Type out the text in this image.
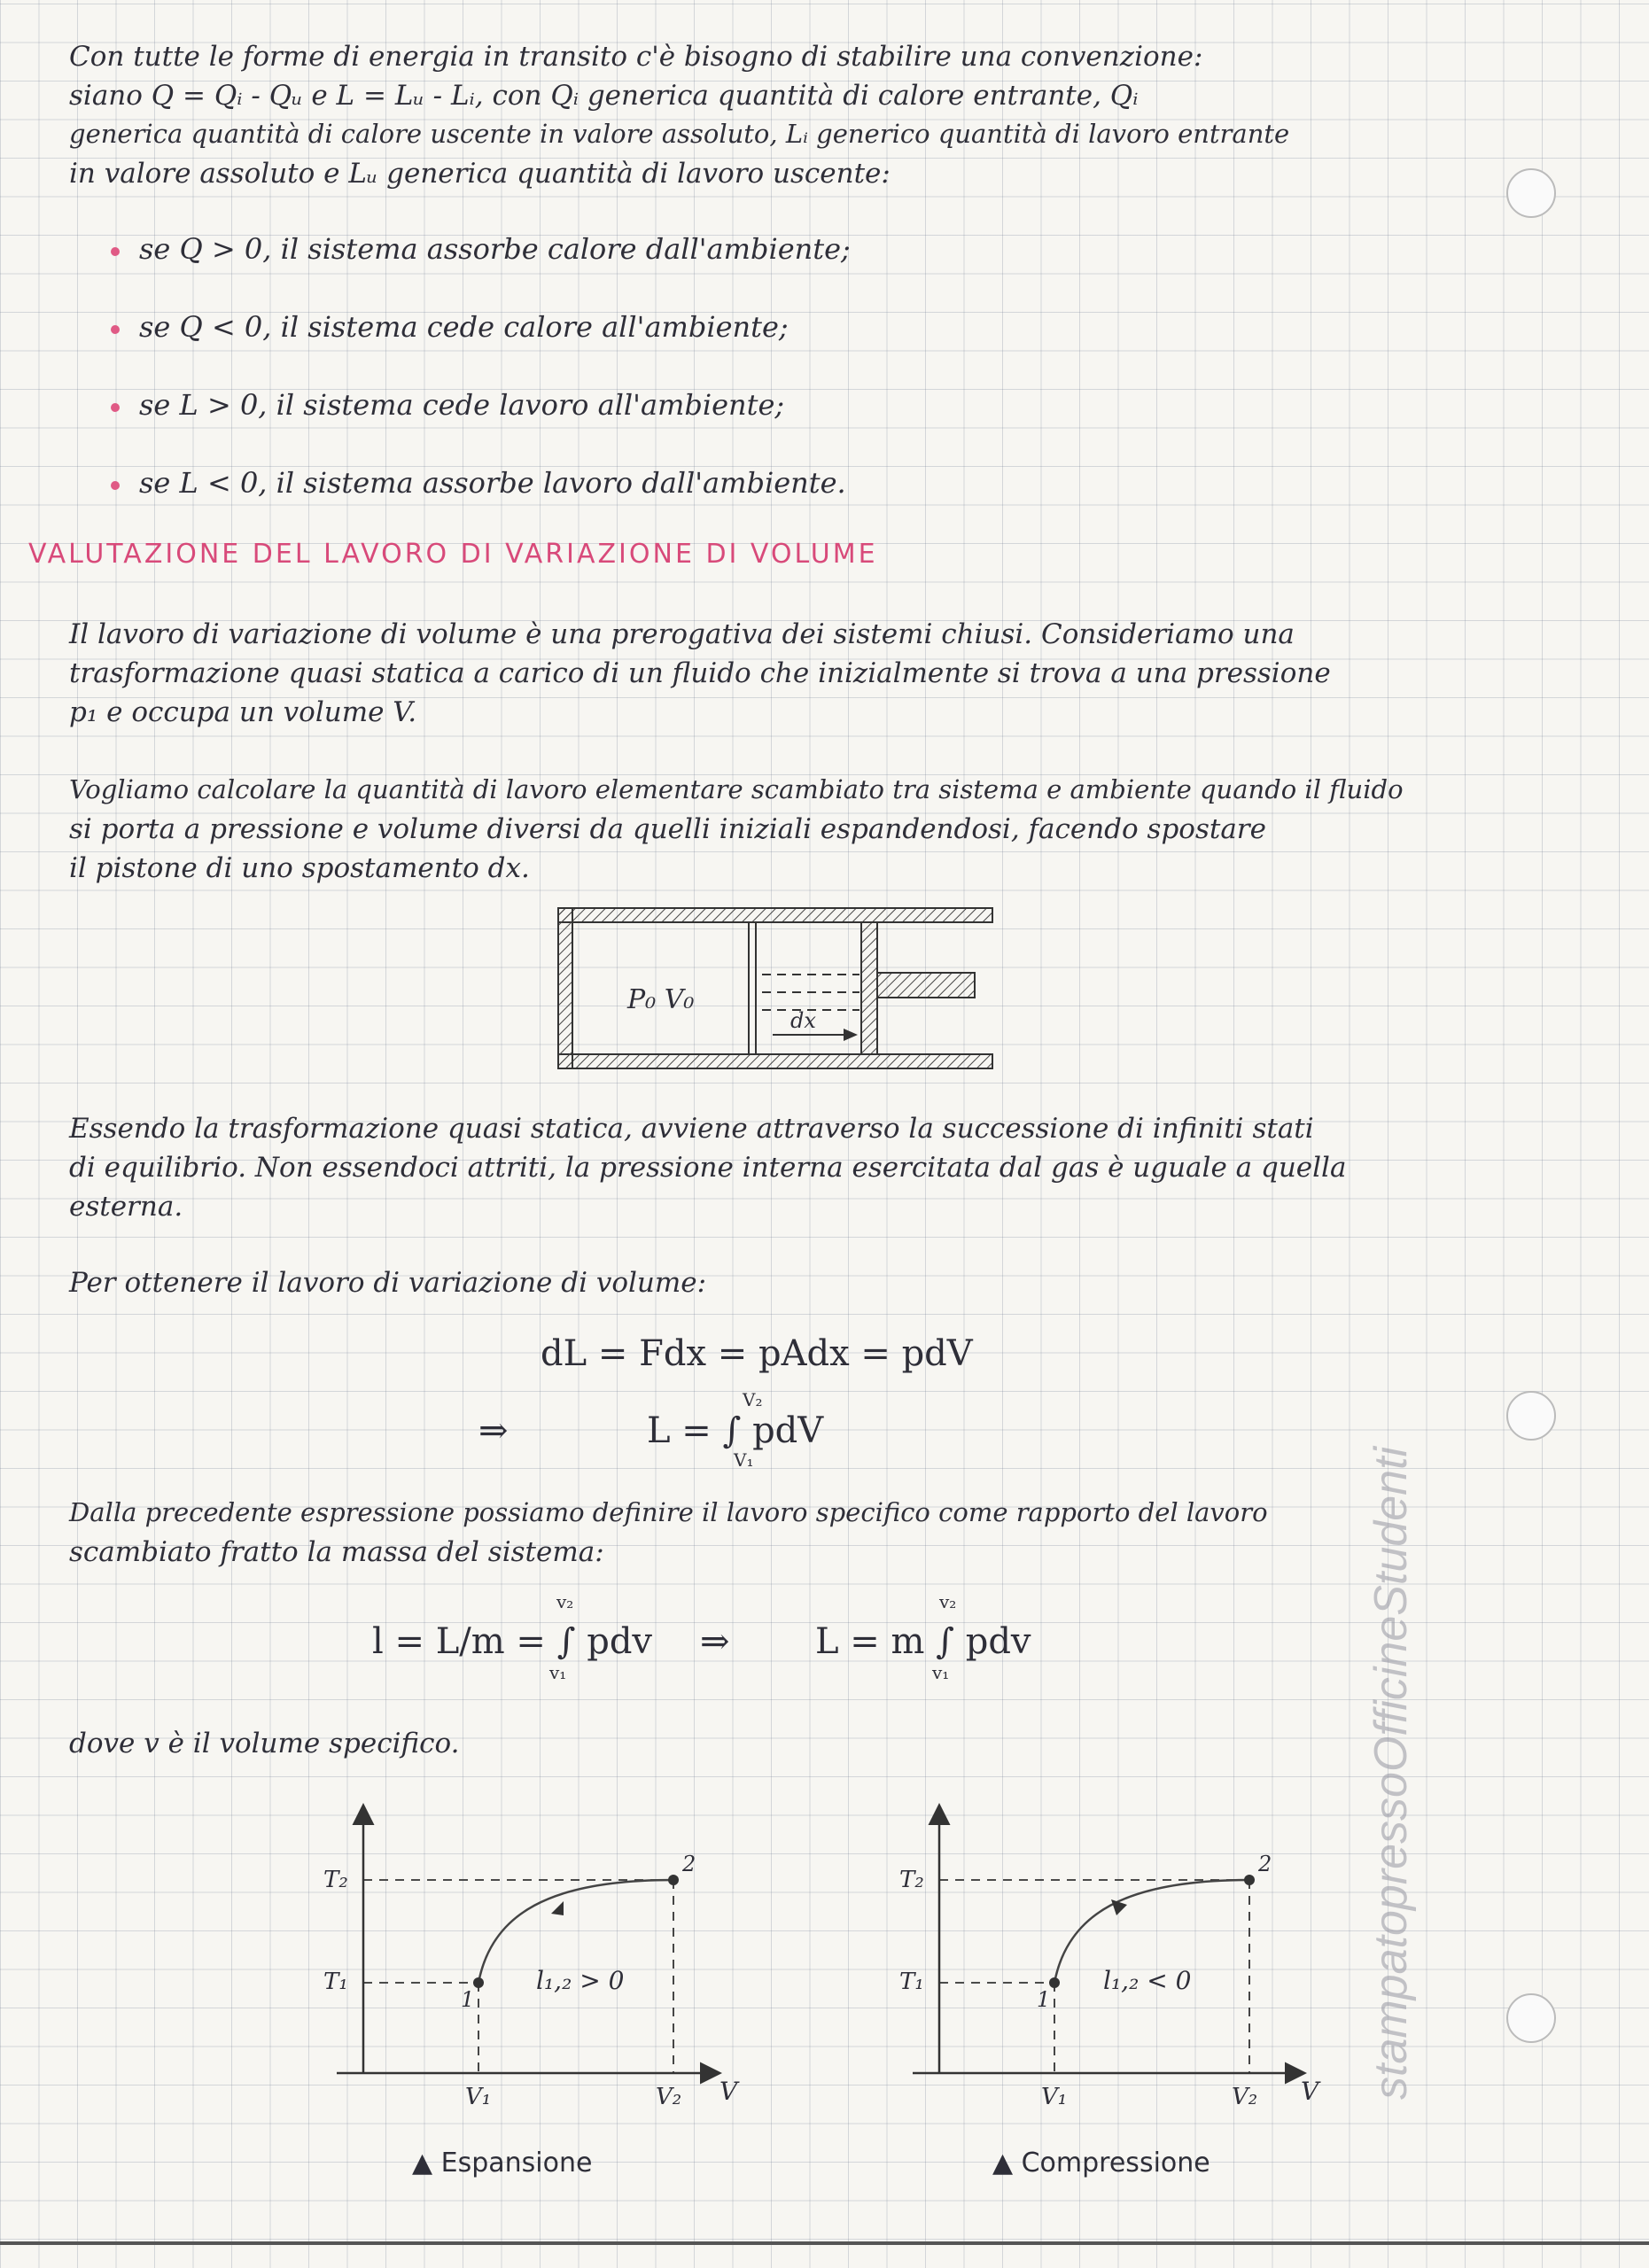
Con tutte le forme di energia in transito c'è bisogno di stabilire una convenzione:
siano Q = Qᵢ - Qᵤ e L = Lᵤ - Lᵢ, con Qᵢ generica quantità di calore entrante, Qᵢ
generica quantità di calore uscente in valore assoluto, Lᵢ generico quantità di lavoro entrante
in valore assoluto e Lᵤ generica quantità di lavoro uscente:
se Q > 0, il sistema assorbe calore dall'ambiente;
se Q < 0, il sistema cede calore all'ambiente;
se L > 0, il sistema cede lavoro all'ambiente;
se L < 0, il sistema assorbe lavoro dall'ambiente.
VALUTAZIONE DEL LAVORO DI VARIAZIONE DI VOLUME
Il lavoro di variazione di volume è una prerogativa dei sistemi chiusi. Consideriamo una
trasformazione quasi statica a carico di un fluido che inizialmente si trova a una pressione
p₁ e occupa un volume V.
Vogliamo calcolare la quantità di lavoro elementare scambiato tra sistema e ambiente quando il fluido
si porta a pressione e volume diversi da quelli iniziali espandendosi, facendo spostare
il pistone di uno spostamento dx.
dx
P₀ V₀
Essendo la trasformazione quasi statica, avviene attraverso la successione di infiniti stati
di equilibrio. Non essendoci attriti, la pressione interna esercitata dal gas è uguale a quella
esterna.
Per ottenere il lavoro di variazione di volume:
dL = Fdx = pAdx = pdV
⇒	L = ∫ pdV
V₂
V₁
Dalla precedente espressione possiamo definire il lavoro specifico come rapporto del lavoro
scambiato fratto la massa del sistema:
l = L/m = ∫ pdv
v₂
v₁
⇒ L = m ∫ pdv
v₂
v₁
dove v è il volume specifico.
T₂
T₁
V₁	V₂ V
1
2
l₁,₂ > 0
▲ Espansione
T₂
T₁
V₁	V₂ V
1
2
l₁,₂ < 0
▲ Compressione
stampatopressoOfficineStudenti
